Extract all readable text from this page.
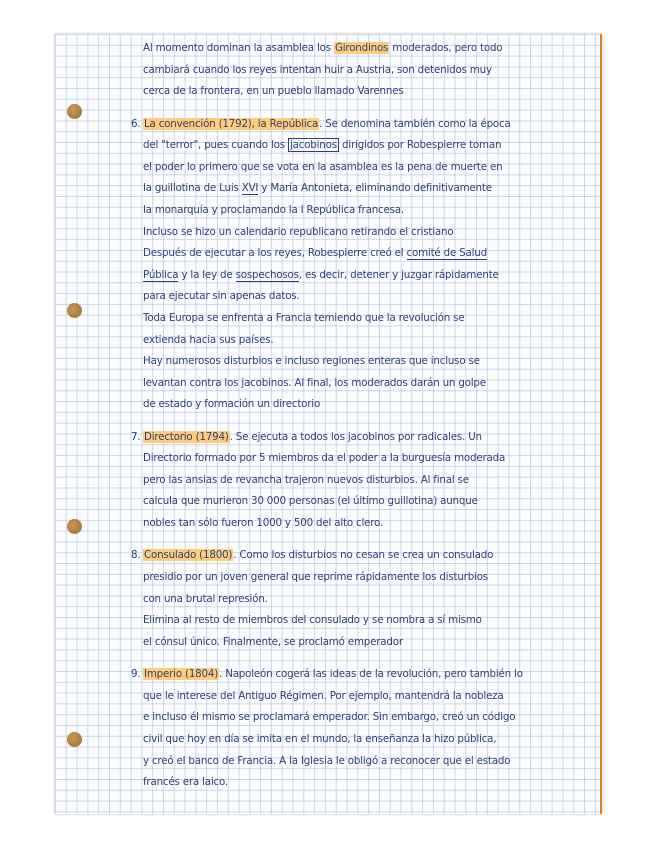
Al momento dominan la asamblea los Girondinos moderados, pero todo
cambiará cuando los reyes intentan huir a Austria, son detenidos muy
cerca de la frontera, en un pueblo llamado Varennes
6. La convención (1792), la República. Se denomina también como la época
del "terror", pues cuando los jacobinos dirigidos por Robespierre toman
el poder lo primero que se vota en la asamblea es la pena de muerte en
la guillotina de Luis XVI y María Antonieta, eliminando definitivamente
la monarquía y proclamando la I República francesa.
Incluso se hizo un calendario republicano retirando el cristiano
Después de ejecutar a los reyes, Robespierre creó el comité de Salud
Pública y la ley de sospechosos, es decir, detener y juzgar rápidamente
para ejecutar sin apenas datos.
Toda Europa se enfrenta a Francia temiendo que la revolución se
extienda hacia sus países.
Hay numerosos disturbios e incluso regiones enteras que incluso se
levantan contra los jacobinos. Al final, los moderados darán un golpe
de estado y formación un directorio
7. Directorio (1794). Se ejecuta a todos los jacobinos por radicales. Un
Directorio formado por 5 miembros da el poder a la burguesía moderada
pero las ansias de revancha trajeron nuevos disturbios. Al final se
calcula que murieron 30 000 personas (el último guillotina) aunque
nobles tan sólo fueron 1000 y 500 del alto clero.
8. Consulado (1800). Como los disturbios no cesan se crea un consulado
presidio por un joven general que reprime rápidamente los disturbios
con una brutal represión.
Elimina al resto de miembros del consulado y se nombra a sí mismo
el cónsul único. Finalmente, se proclamó emperador
9. Imperio (1804). Napoleón cogerá las ideas de la revolución, pero también lo
que le interese del Antiguo Régimen. Por ejemplo, mantendrá la nobleza
e incluso él mismo se proclamará emperador. Sin embargo, creó un código
civil que hoy en día se imita en el mundo, la enseñanza la hizo pública,
y creó el banco de Francia. A la Iglesia le obligó a reconocer que el estado
francés era laico.
